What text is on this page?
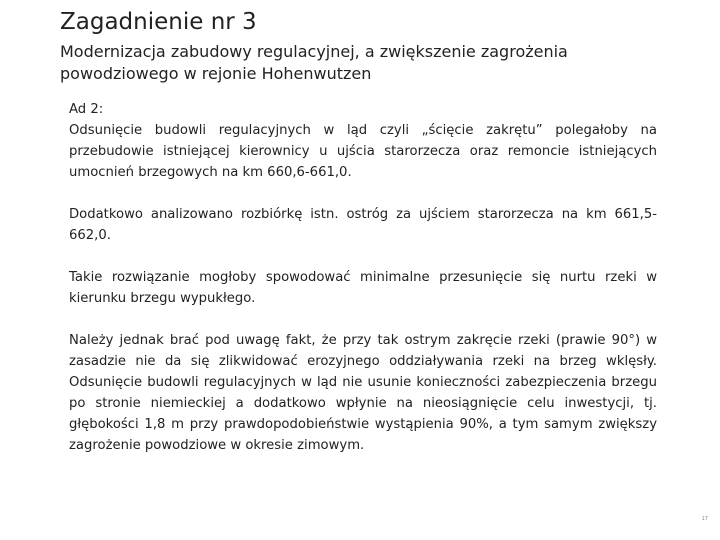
Zagadnienie nr 3
Modernizacja zabudowy regulacyjnej, a zwiększenie zagrożenia powodziowego w rejonie Hohenwutzen
Ad 2:
Odsunięcie budowli regulacyjnych w ląd czyli „ścięcie zakrętu” polegałoby na przebudowie istniejącej kierownicy u ujścia starorzecza oraz remoncie istniejących umocnień brzegowych na km 660,6-661,0.
Dodatkowo analizowano rozbiórkę istn. ostróg za ujściem starorzecza na km 661,5-662,0.
Takie rozwiązanie mogłoby spowodować minimalne przesunięcie się nurtu rzeki w kierunku brzegu wypukłego.
Należy jednak brać pod uwagę fakt, że przy tak ostrym zakręcie rzeki (prawie 90°) w zasadzie nie da się zlikwidować erozyjnego oddziaływania rzeki na brzeg wklęsły. Odsunięcie budowli regulacyjnych w ląd nie usunie konieczności zabezpieczenia brzegu po stronie niemieckiej a dodatkowo wpłynie na nieosiągnięcie celu inwestycji, tj. głębokości 1,8 m przy prawdopodobieństwie wystąpienia 90%, a tym samym zwiększy zagrożenie powodziowe w okresie zimowym.
17
